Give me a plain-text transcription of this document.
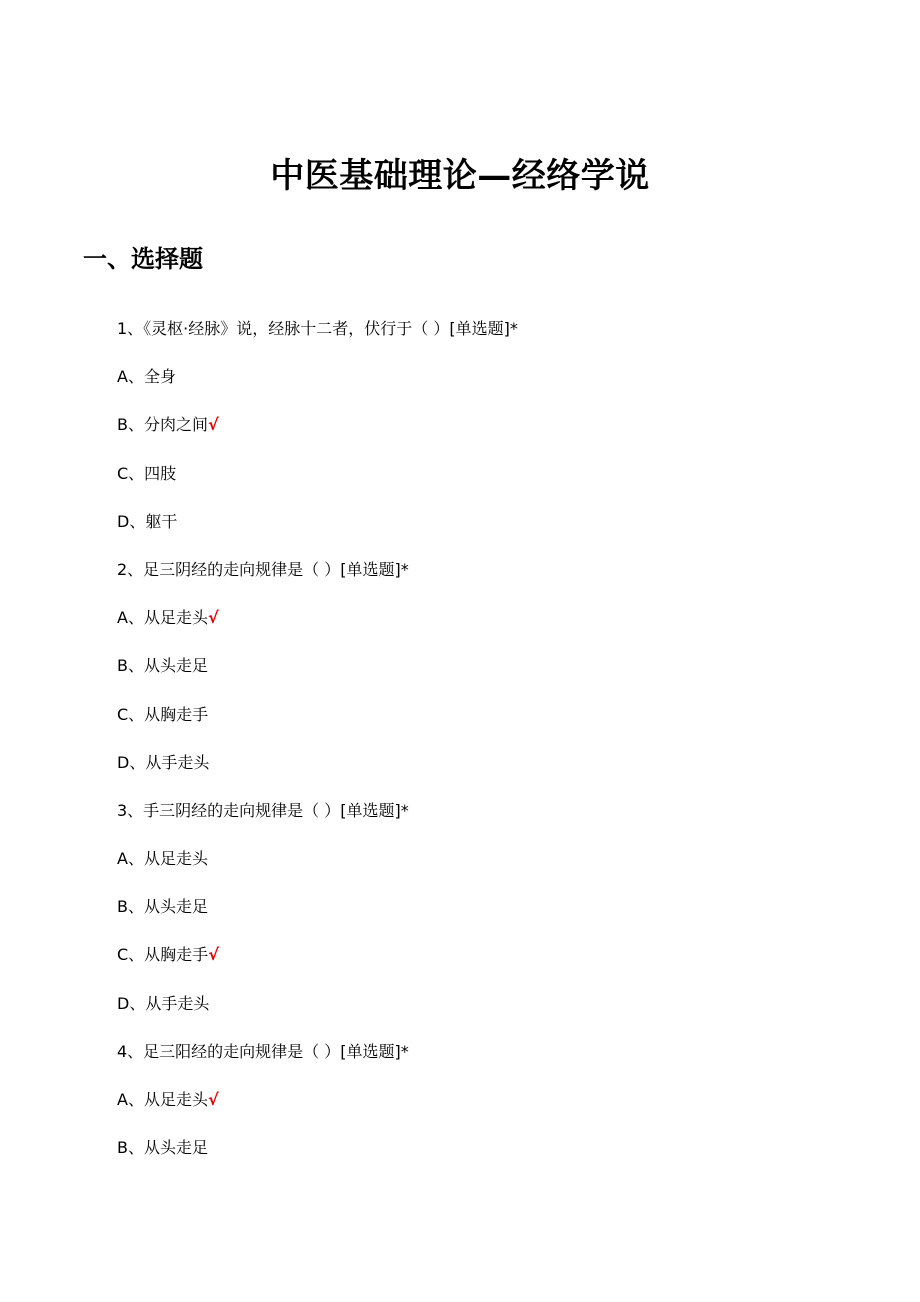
中医基础理论—经络学说
一、选择题
1、《灵枢·经脉》说，经脉十二者，伏行于（ ）[单选题]*
A、全身
B、分肉之间√
C、四肢
D、躯干
2、足三阴经的走向规律是（ ）[单选题]*
A、从足走头√
B、从头走足
C、从胸走手
D、从手走头
3、手三阴经的走向规律是（ ）[单选题]*
A、从足走头
B、从头走足
C、从胸走手√
D、从手走头
4、足三阳经的走向规律是（ ）[单选题]*
A、从足走头√
B、从头走足
